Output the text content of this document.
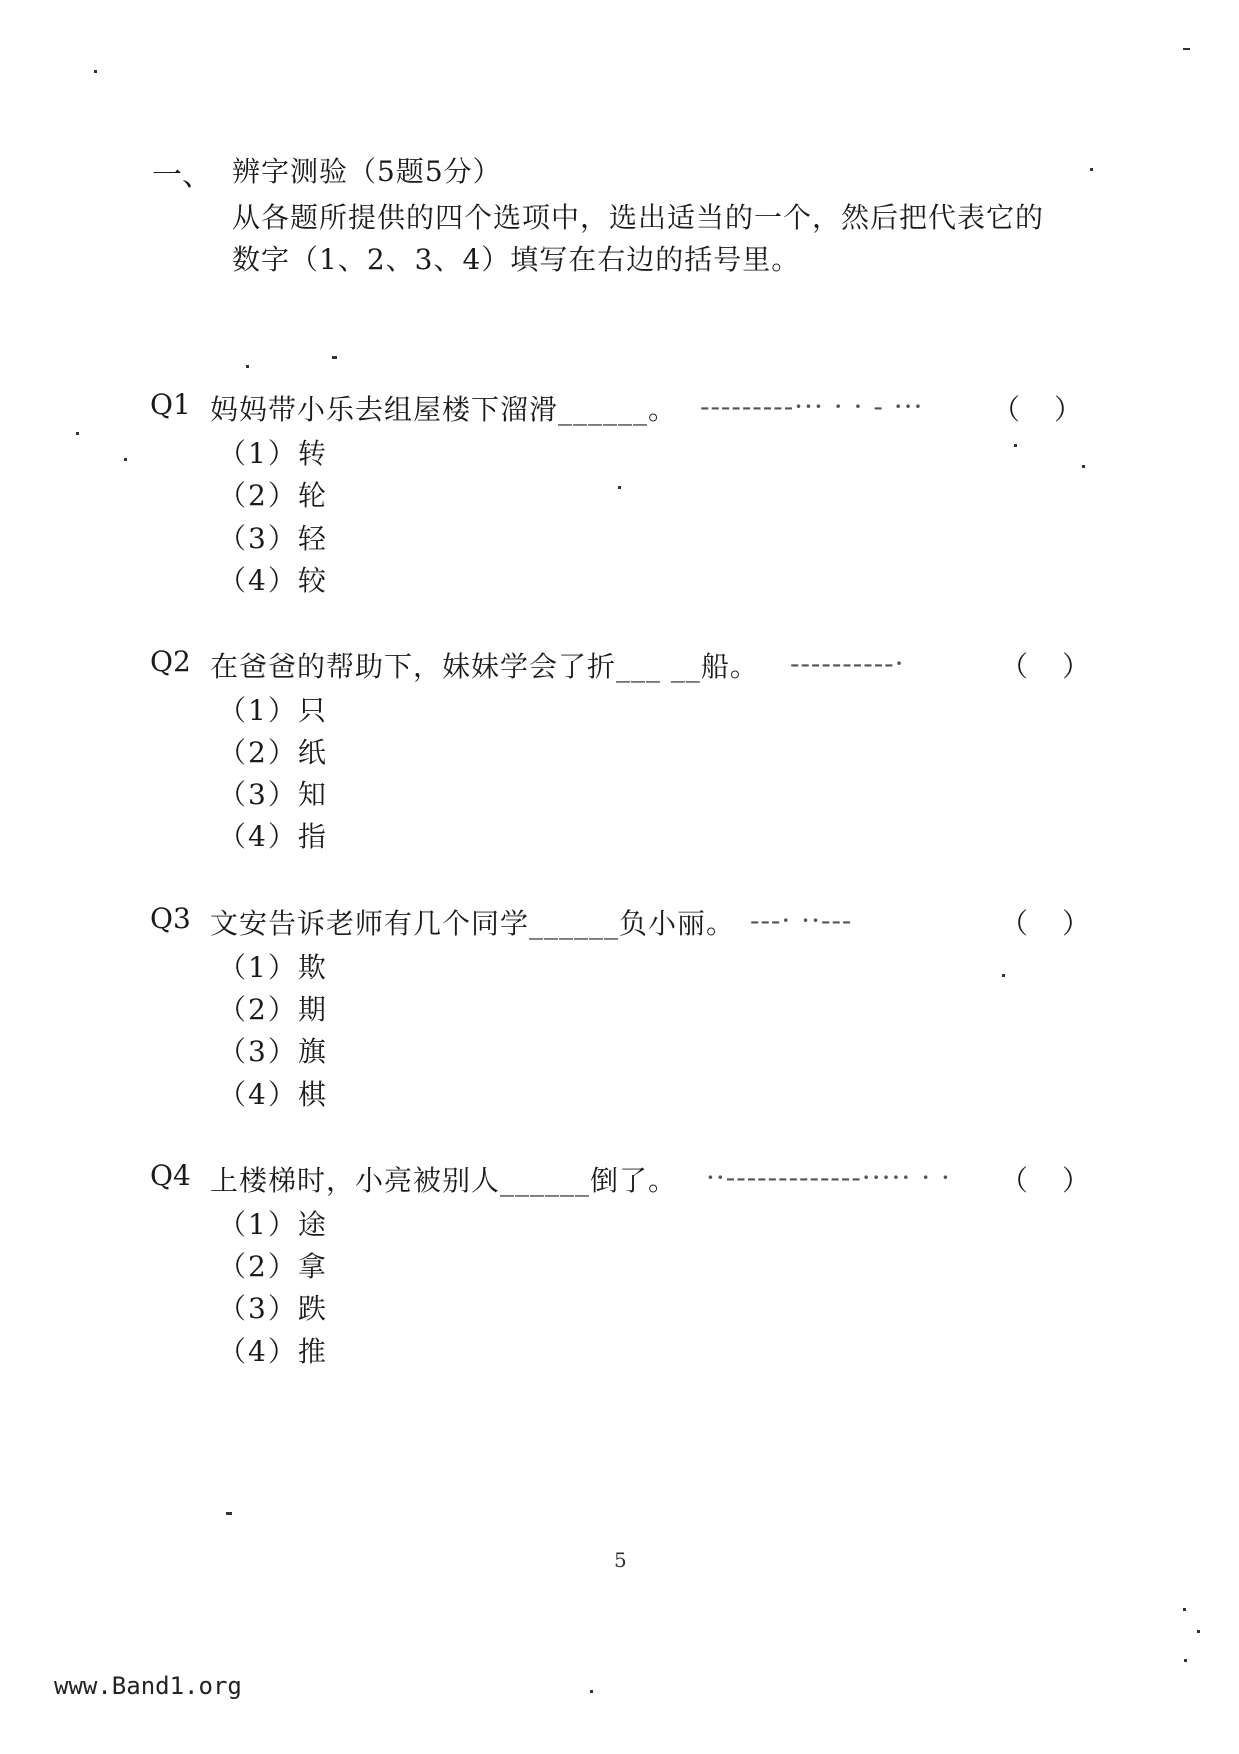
一、 辨字测验（5题5分）
从各题所提供的四个选项中，选出适当的一个，然后把代表它的
数字（1、2、3、4）填写在右边的括号里。
Q1 妈妈带小乐去组屋楼下溜滑______。 ---------··· · · - ··· （ ）
（1）转
（2）轮
（3）轻
（4）较
Q2 在爸爸的帮助下，妹妹学会了折___ __船。 ----------·	（ ）
（1）只
（2）纸
（3）知
（4）指
Q3 文安告诉老师有几个同学______负小丽。 ---· ··---	（ ）
（1）欺
（2）期
（3）旗
（4）棋
Q4 上楼梯时，小亮被别人______倒了。 ··-------------····· · ·	（ ）
（1）途
（2）拿
（3）跌
（4）推
5
www.Band1.org
